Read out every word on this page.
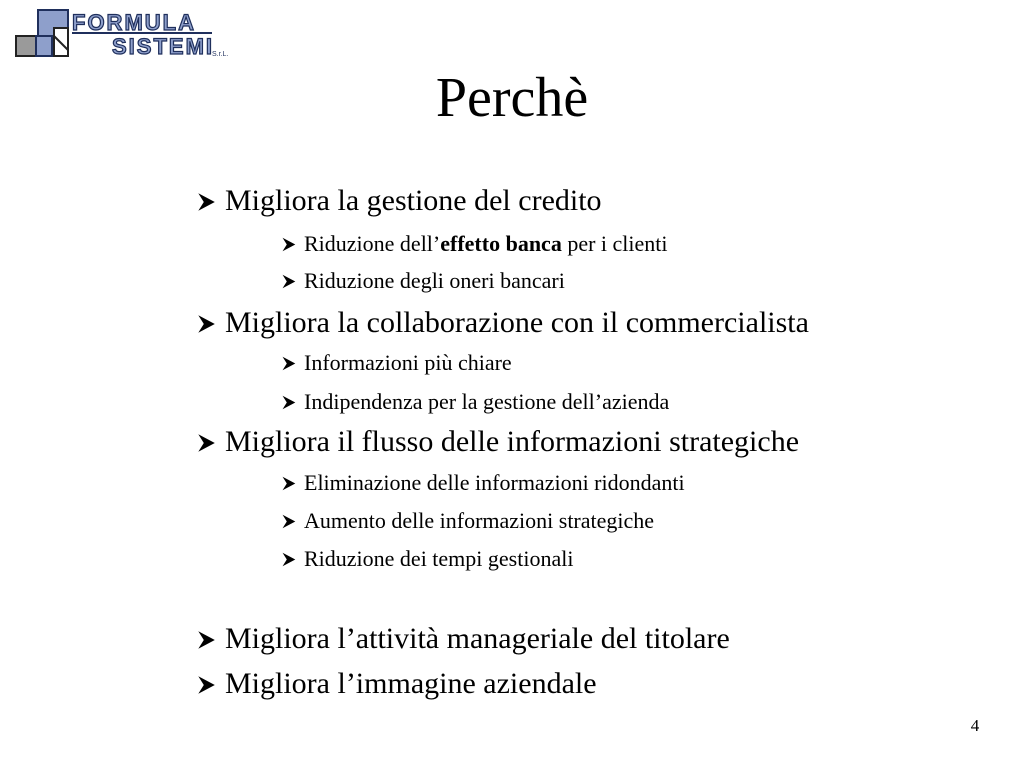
FORMULA
SISTEMI
S.r.L.
Perchè
Migliora la gestione del credito
Riduzione dell’effetto banca per i clienti
Riduzione degli oneri bancari
Migliora la collaborazione con il commercialista
Informazioni più chiare
Indipendenza per la gestione dell’azienda
Migliora il flusso delle informazioni strategiche
Eliminazione delle informazioni ridondanti
Aumento delle informazioni strategiche
Riduzione dei tempi gestionali
Migliora l’attività manageriale del titolare
Migliora l’immagine aziendale
4
